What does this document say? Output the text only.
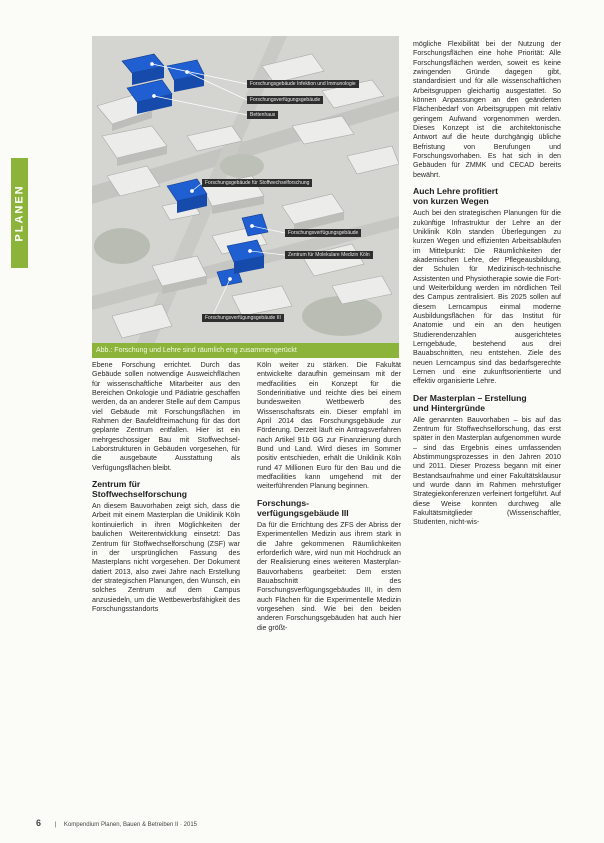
PLANEN
Forschungsgebäude Infektion und Immunologie
Forschungsverfügungsgebäude
Bettenhaus
Forschungsgebäude für Stoffwechselforschung
Forschungsverfügungsgebäude
Zentrum für Molekulare Medizin Köln
Forschungsverfügungsgebäude III
Abb.: Forschung und Lehre sind räumlich eng zusammengerückt

Ebene Forschung errichtet. Durch das Gebäude sollen notwendige Ausweichflächen für wissenschaftliche Mitarbeiter aus den Bereichen Onkologie und Pädiatrie geschaffen werden, da an anderer Stelle auf dem Campus viel Gebäude mit Forschungsflächen im Rahmen der Baufeldfreimachung für das dort geplante Zentrum entfallen. Hier ist ein mehrgeschossiger Bau mit Stoffwechsel-Laborstrukturen in Gebäuden vorgesehen, für die ausgebaute Ausstattung als Verfügungsflächen bleibt.

Zentrum für
Stoffwechselforschung

An diesem Bauvorhaben zeigt sich, dass die Arbeit mit einem Masterplan die Uniklinik Köln kontinuierlich in ihren Möglichkeiten der baulichen Weiterentwicklung einsetzt: Das Zentrum für Stoffwechselforschung (ZSF) war in der ursprünglichen Fassung des Masterplans nicht vorgesehen. Der Dokument datiert 2013, also zwei Jahre nach Erstellung der strategischen Planungen, den Wunsch, ein solches Zentrum auf dem Campus anzusiedeln, um die Wettbewerbsfähigkeit des Forschungsstandorts

Köln weiter zu stärken. Die Fakultät entwickelte daraufhin gemeinsam mit der medfacilities ein Konzept für die Sonderinitiative und reichte dies bei einem bundesweiten Wettbewerb des Wissenschaftsrats ein. Dieser empfahl im April 2014 das Forschungsgebäude zur Förderung. Derzeit läuft ein Antragsverfahren nach Artikel 91b GG zur Finanzierung durch Bund und Land. Wird dieses im Sommer positiv entschieden, erhält die Uniklinik Köln rund 47 Millionen Euro für den Bau und die medfacilities kann umgehend mit der weiterführenden Planung beginnen.

Forschungs-
verfügungsgebäude III

Da für die Errichtung des ZFS der Abriss der Experimentellen Medizin aus ihrem stark in die Jahre gekommenen Räumlichkeiten erforderlich wäre, wird nun mit Hochdruck an der Realisierung eines weiteren Masterplan-Bauvorhabens gearbeitet: Dem ersten Bauabschnitt des Forschungsverfügungsgebäudes III, in dem auch Flächen für die Experimentelle Medizin vorgesehen sind. Wie bei den beiden anderen Forschungsgebäuden hat auch hier die größt-

mögliche Flexibilität bei der Nutzung der Forschungsflächen eine hohe Priorität: Alle Forschungsflächen werden, soweit es keine zwingenden Gründe dagegen gibt, standardisiert und für alle wissenschaftlichen Arbeitsgruppen gleichartig ausgestattet. So können Anpassungen an den geänderten Flächenbedarf von Arbeitsgruppen mit relativ geringem Aufwand vorgenommen werden. Dieses Konzept ist die architektonische Antwort auf die heute durchgängig übliche Befristung von Berufungen und Forschungsvorhaben. Es hat sich in den Gebäuden für ZMMK und CECAD bereits bewährt.

Auch Lehre profitiert
von kurzen Wegen

Auch bei den strategischen Planungen für die zukünftige Infrastruktur der Lehre an der Uniklinik Köln standen Überlegungen zu kurzen Wegen und effizienten Arbeitsabläufen im Mittelpunkt: Die Räumlichkeiten der akademischen Lehre, der Pflegeausbildung, der Schulen für Medizinisch-technische Assistenten und Physiotherapie sowie die Fort- und Weiterbildung werden im nördlichen Teil des Campus zentralisiert. Bis 2025 sollen auf diesem Lerncampus einmal moderne Ausbildungsflächen für das Institut für Anatomie und ein an den heutigen Studierendenzahlen ausgerichtetes Lerngebäude, bestehend aus drei Bauabschnitten, neu entstehen. Ziele des neuen Lerncampus sind das bedarfsgerechte Lernen und eine zukunftsorientierte und effektiv organisierte Lehre.

Der Masterplan – Erstellung
und Hintergründe

Alle genannten Bauvorhaben – bis auf das Zentrum für Stoffwechselforschung, das erst später in den Masterplan aufgenommen wurde – sind das Ergebnis eines umfassenden Abstimmungsprozesses in den Jahren 2010 und 2011. Dieser Prozess begann mit einer Bestandsaufnahme und einer Fakultätsklausur und wurde dann im Rahmen mehrstufiger Strategiekonferenzen verfeinert fortgeführt. Auf diese Weise konnten durchweg alle Fakultätsmitglieder (Wissenschaftler, Studenten, nicht-wis-

6 | Kompendium Planen, Bauen & Betreiben II · 2015
